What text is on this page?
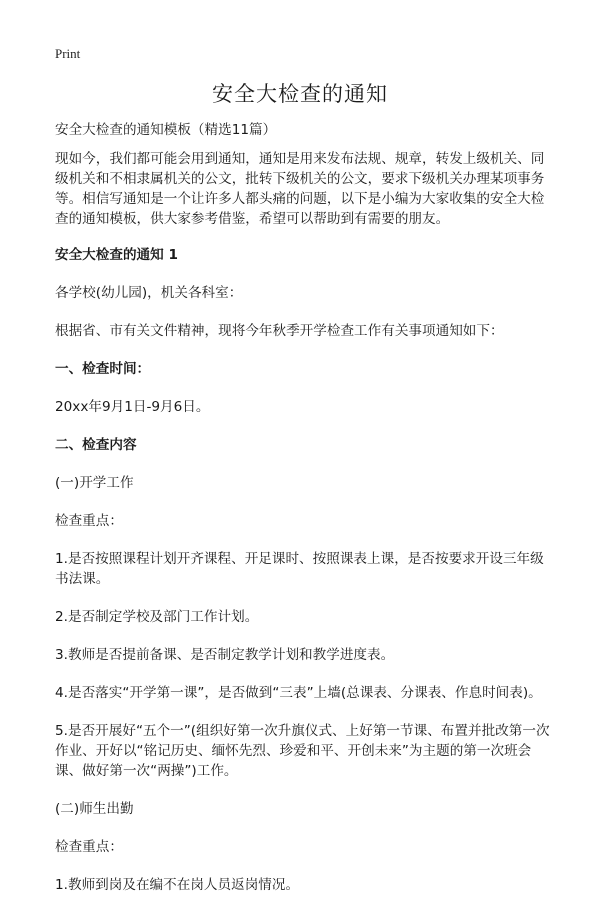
Print
安全大检查的通知

安全大检查的通知模板（精选11篇）

现如今，我们都可能会用到通知，通知是用来发布法规、规章，转发上级机关、同级机关和不相隶属机关的公文，批转下级机关的公文，要求下级机关办理某项事务等。相信写通知是一个让许多人都头痛的问题，以下是小编为大家收集的安全大检查的通知模板，供大家参考借鉴，希望可以帮助到有需要的朋友。

安全大检查的通知 1

各学校(幼儿园)，机关各科室：

根据省、市有关文件精神，现将今年秋季开学检查工作有关事项通知如下：

一、检查时间：

20xx年9月1日-9月6日。

二、检查内容

(一)开学工作

检查重点：

1.是否按照课程计划开齐课程、开足课时、按照课表上课，是否按要求开设三年级书法课。

2.是否制定学校及部门工作计划。

3.教师是否提前备课、是否制定教学计划和教学进度表。

4.是否落实“开学第一课”，是否做到“三表”上墙(总课表、分课表、作息时间表)。

5.是否开展好“五个一”(组织好第一次升旗仪式、上好第一节课、布置并批改第一次作业、开好以“铭记历史、缅怀先烈、珍爱和平、开创未来”为主题的第一次班会课、做好第一次“两操”)工作。

(二)师生出勤

检查重点：

1.教师到岗及在编不在岗人员返岗情况。
